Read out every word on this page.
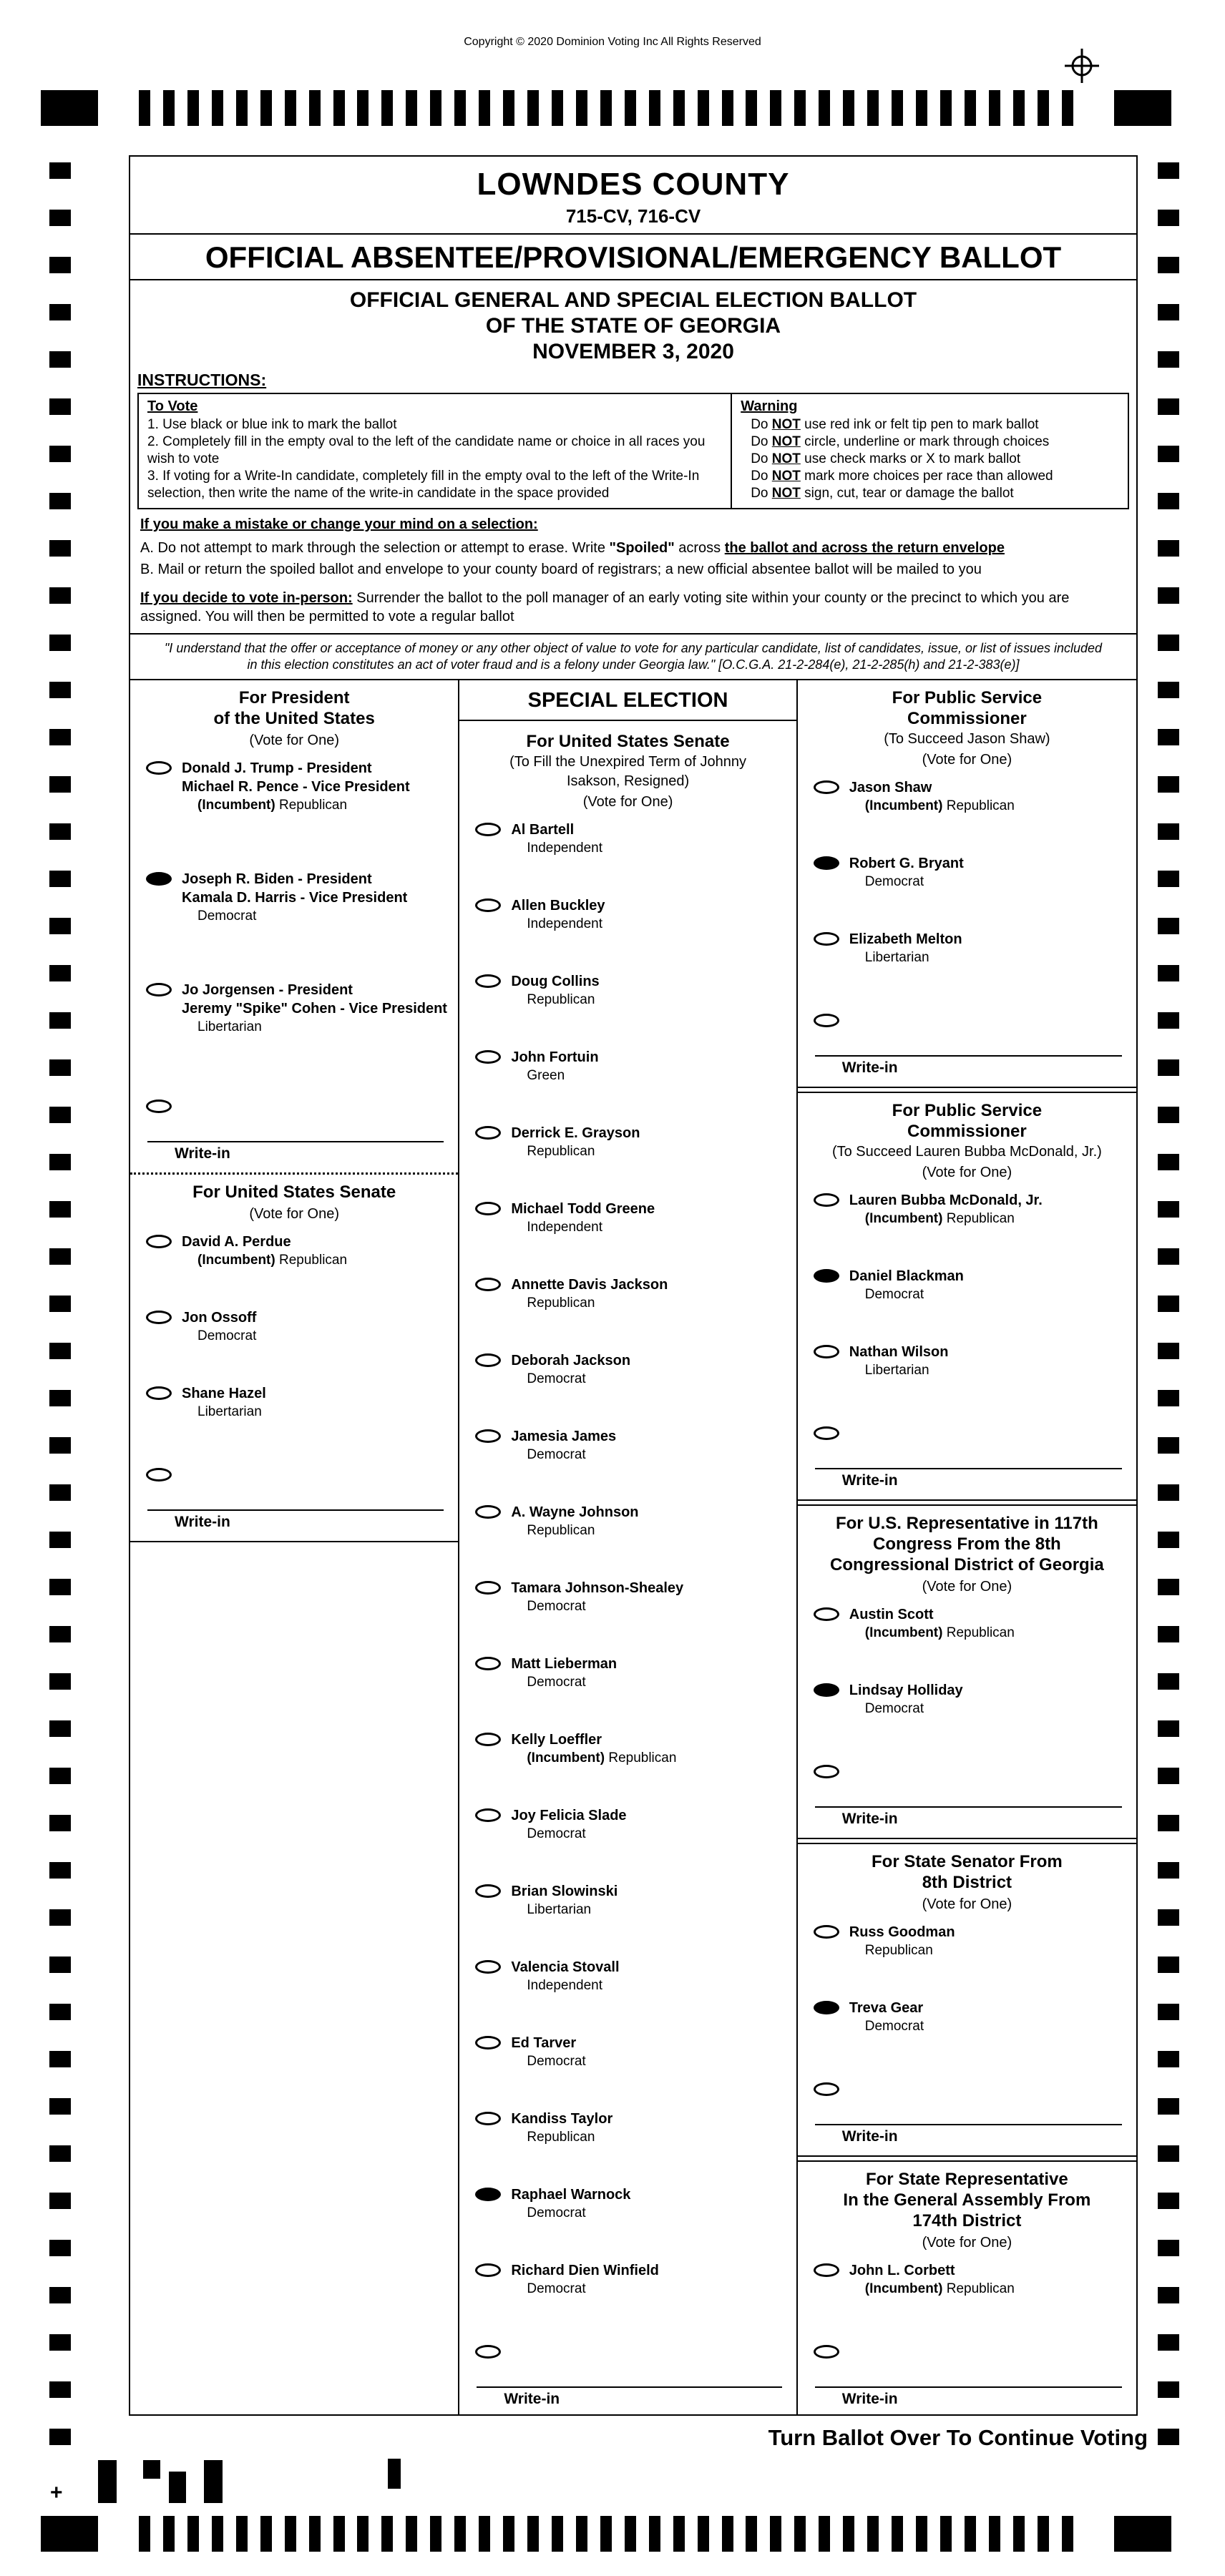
Copyright © 2020 Dominion Voting Inc All Rights Reserved
LOWNDES COUNTY
715-CV, 716-CV
OFFICIAL ABSENTEE/PROVISIONAL/EMERGENCY BALLOT
OFFICIAL GENERAL AND SPECIAL ELECTION BALLOT
OF THE STATE OF GEORGIA
NOVEMBER 3, 2020
INSTRUCTIONS:
To Vote
1. Use black or blue ink to mark the ballot
2. Completely fill in the empty oval to the left of the candidate name or choice in all races you wish to vote
3. If voting for a Write-In candidate, completely fill in the empty oval to the left of the Write-In selection, then write the name of the write-in candidate in the space provided
Warning
Do NOT use red ink or felt tip pen to mark ballot
Do NOT circle, underline or mark through choices
Do NOT use check marks or X to mark ballot
Do NOT mark more choices per race than allowed
Do NOT sign, cut, tear or damage the ballot
If you make a mistake or change your mind on a selection:
A. Do not attempt to mark through the selection or attempt to erase. Write "Spoiled" across the ballot and across the return envelope
B. Mail or return the spoiled ballot and envelope to your county board of registrars; a new official absentee ballot will be mailed to you
If you decide to vote in-person: Surrender the ballot to the poll manager of an early voting site within your county or the precinct to which you are assigned. You will then be permitted to vote a regular ballot
"I understand that the offer or acceptance of money or any other object of value to vote for any particular candidate, list of candidates, issue, or list of issues included in this election constitutes an act of voter fraud and is a felony under Georgia law." [O.C.G.A. 21-2-284(e), 21-2-285(h) and 21-2-383(e)]
For President
of the United States
(Vote for One)
Donald J. Trump - President
Michael R. Pence - Vice President
(Incumbent) Republican
Joseph R. Biden - President
Kamala D. Harris - Vice President
Democrat
Jo Jorgensen - President
Jeremy "Spike" Cohen - Vice President
Libertarian
Write-in
For United States Senate
(Vote for One)
David A. Perdue
(Incumbent) Republican
Jon Ossoff
Democrat
Shane Hazel
Libertarian
Write-in
SPECIAL ELECTION
For United States Senate
(To Fill the Unexpired Term of Johnny
Isakson, Resigned)
(Vote for One)
Al Bartell
Independent
Allen Buckley
Independent
Doug Collins
Republican
John Fortuin
Green
Derrick E. Grayson
Republican
Michael Todd Greene
Independent
Annette Davis Jackson
Republican
Deborah Jackson
Democrat
Jamesia James
Democrat
A. Wayne Johnson
Republican
Tamara Johnson-Shealey
Democrat
Matt Lieberman
Democrat
Kelly Loeffler
(Incumbent) Republican
Joy Felicia Slade
Democrat
Brian Slowinski
Libertarian
Valencia Stovall
Independent
Ed Tarver
Democrat
Kandiss Taylor
Republican
Raphael Warnock
Democrat
Richard Dien Winfield
Democrat
Write-in
For Public Service
Commissioner
(To Succeed Jason Shaw)
(Vote for One)
Jason Shaw
(Incumbent) Republican
Robert G. Bryant
Democrat
Elizabeth Melton
Libertarian
Write-in
For Public Service
Commissioner
(To Succeed Lauren Bubba McDonald, Jr.)
(Vote for One)
Lauren Bubba McDonald, Jr.
(Incumbent) Republican
Daniel Blackman
Democrat
Nathan Wilson
Libertarian
Write-in
For U.S. Representative in 117th
Congress From the 8th
Congressional District of Georgia
(Vote for One)
Austin Scott
(Incumbent) Republican
Lindsay Holliday
Democrat
Write-in
For State Senator From
8th District
(Vote for One)
Russ Goodman
Republican
Treva Gear
Democrat
Write-in
For State Representative
In the General Assembly From
174th District
(Vote for One)
John L. Corbett
(Incumbent) Republican
Write-in
Turn Ballot Over To Continue Voting
+
